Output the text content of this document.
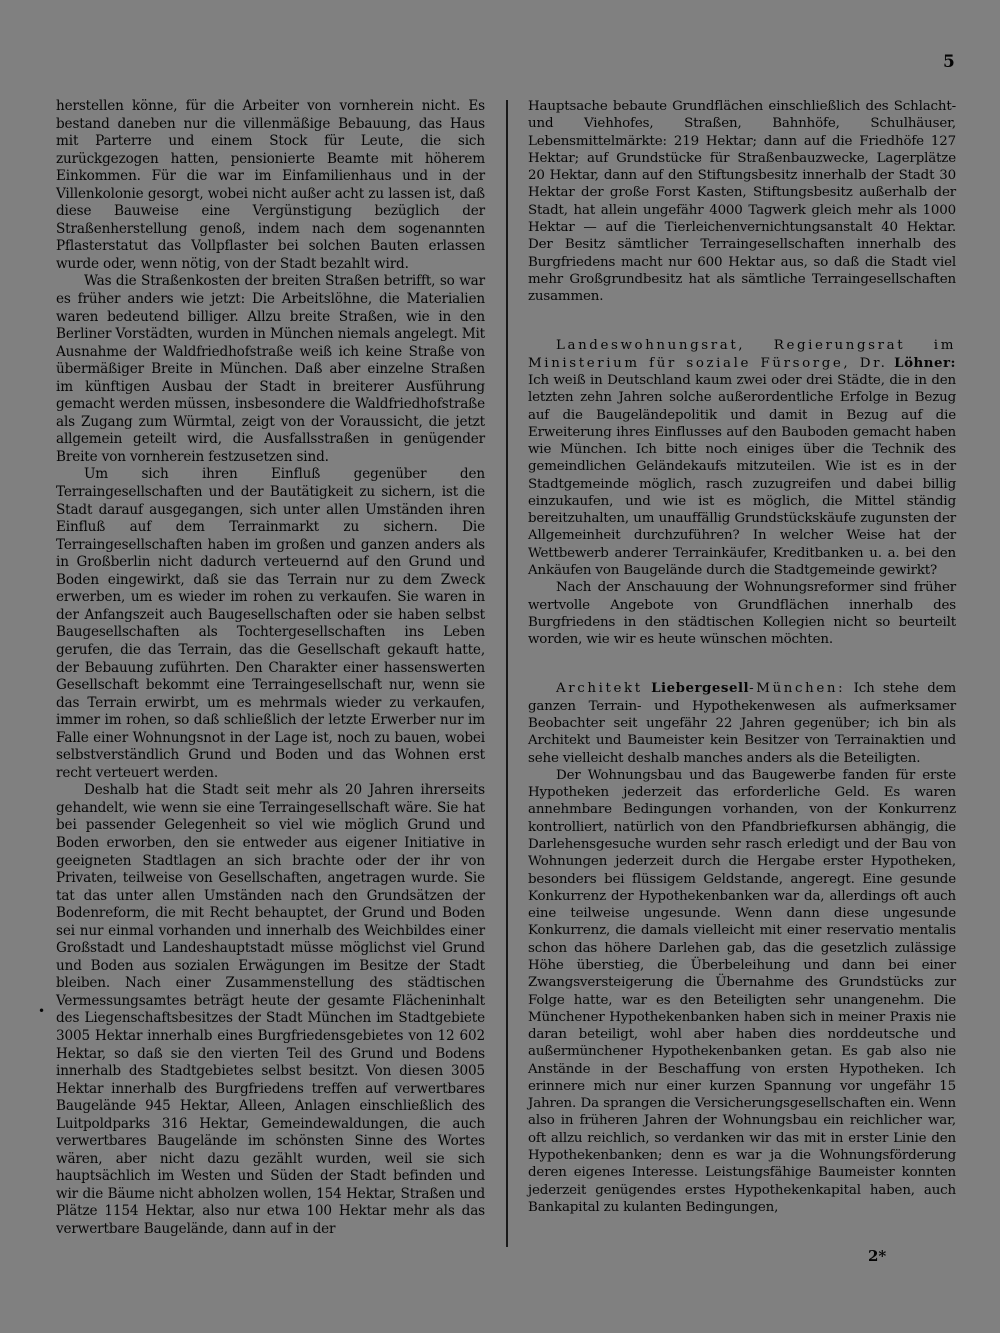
5

herstellen könne, für die Arbeiter von vornherein nicht. Es bestand daneben nur die villenmäßige Bebauung, das Haus mit Parterre und einem Stock für Leute, die sich zurückgezogen hatten, pensionierte Beamte mit höherem Einkommen. Für die war im Einfamilienhaus und in der Villenkolonie gesorgt, wobei nicht außer acht zu lassen ist, daß diese Bauweise eine Vergünstigung bezüglich der Straßenherstellung genoß, indem nach dem sogenannten Pflasterstatut das Vollpflaster bei solchen Bauten erlassen wurde oder, wenn nötig, von der Stadt bezahlt wird.

Was die Straßenkosten der breiten Straßen betrifft, so war es früher anders wie jetzt: Die Arbeitslöhne, die Materialien waren bedeutend billiger. Allzu breite Straßen, wie in den Berliner Vorstädten, wurden in München niemals angelegt. Mit Ausnahme der Waldfriedhofstraße weiß ich keine Straße von übermäßiger Breite in München. Daß aber einzelne Straßen im künftigen Ausbau der Stadt in breiterer Ausführung gemacht werden müssen, insbesondere die Waldfriedhofstraße als Zugang zum Würmtal, zeigt von der Voraussicht, die jetzt allgemein geteilt wird, die Ausfallsstraßen in genügender Breite von vornherein festzusetzen sind.

Um sich ihren Einfluß gegenüber den Terraingesellschaften und der Bautätigkeit zu sichern, ist die Stadt darauf ausgegangen, sich unter allen Umständen ihren Einfluß auf dem Terrainmarkt zu sichern. Die Terraingesellschaften haben im großen und ganzen anders als in Großberlin nicht dadurch verteuernd auf den Grund und Boden eingewirkt, daß sie das Terrain nur zu dem Zweck erwerben, um es wieder im rohen zu verkaufen. Sie waren in der Anfangszeit auch Baugesellschaften oder sie haben selbst Baugesellschaften als Tochtergesellschaften ins Leben gerufen, die das Terrain, das die Gesellschaft gekauft hatte, der Bebauung zuführten. Den Charakter einer hassenswerten Gesellschaft bekommt eine Terraingesellschaft nur, wenn sie das Terrain erwirbt, um es mehrmals wieder zu verkaufen, immer im rohen, so daß schließlich der letzte Erwerber nur im Falle einer Wohnungsnot in der Lage ist, noch zu bauen, wobei selbstverständlich Grund und Boden und das Wohnen erst recht verteuert werden.

Deshalb hat die Stadt seit mehr als 20 Jahren ihrerseits gehandelt, wie wenn sie eine Terraingesellschaft wäre. Sie hat bei passender Gelegenheit so viel wie möglich Grund und Boden erworben, den sie entweder aus eigener Initiative in geeigneten Stadtlagen an sich brachte oder der ihr von Privaten, teilweise von Gesellschaften, angetragen wurde. Sie tat das unter allen Umständen nach den Grundsätzen der Bodenreform, die mit Recht behauptet, der Grund und Boden sei nur einmal vorhanden und innerhalb des Weichbildes einer Großstadt und Landeshauptstadt müsse möglichst viel Grund und Boden aus sozialen Erwägungen im Besitze der Stadt bleiben. Nach einer Zusammenstellung des städtischen Vermessungsamtes beträgt heute der gesamte Flächeninhalt des Liegenschaftsbesitzes der Stadt München im Stadtgebiete 3005 Hektar innerhalb eines Burgfriedensgebietes von 12 602 Hektar, so daß sie den vierten Teil des Grund und Bodens innerhalb des Stadtgebietes selbst besitzt. Von diesen 3005 Hektar innerhalb des Burgfriedens treffen auf verwertbares Baugelände 945 Hektar, Alleen, Anlagen einschließlich des Luitpoldparks 316 Hektar, Gemeindewaldungen, die auch verwertbares Baugelände im schönsten Sinne des Wortes wären, aber nicht dazu gezählt wurden, weil sie sich hauptsächlich im Westen und Süden der Stadt befinden und wir die Bäume nicht abholzen wollen, 154 Hektar, Straßen und Plätze 1154 Hektar, also nur etwa 100 Hektar mehr als das verwertbare Baugelände, dann auf in der

•

Hauptsache bebaute Grundflächen einschließlich des Schlacht- und Viehhofes, Straßen, Bahnhöfe, Schulhäuser, Lebensmittelmärkte: 219 Hektar; dann auf die Friedhöfe 127 Hektar; auf Grundstücke für Straßenbauzwecke, Lagerplätze 20 Hektar, dann auf den Stiftungsbesitz innerhalb der Stadt 30 Hektar der große Forst Kasten, Stiftungsbesitz außerhalb der Stadt, hat allein ungefähr 4000 Tagwerk gleich mehr als 1000 Hektar — auf die Tierleichenvernichtungsanstalt 40 Hektar. Der Besitz sämtlicher Terraingesellschaften innerhalb des Burgfriedens macht nur 600 Hektar aus, so daß die Stadt viel mehr Großgrundbesitz hat als sämtliche Terraingesellschaften zusammen.

Landeswohnungsrat, Regierungsrat im Ministerium für soziale Fürsorge, Dr. Löhner: Ich weiß in Deutschland kaum zwei oder drei Städte, die in den letzten zehn Jahren solche außerordentliche Erfolge in Bezug auf die Baugeländepolitik und damit in Bezug auf die Erweiterung ihres Einflusses auf den Bauboden gemacht haben wie München. Ich bitte noch einiges über die Technik des gemeindlichen Geländekaufs mitzuteilen. Wie ist es in der Stadtgemeinde möglich, rasch zuzugreifen und dabei billig einzukaufen, und wie ist es möglich, die Mittel ständig bereitzuhalten, um unauffällig Grundstückskäufe zugunsten der Allgemeinheit durchzuführen? In welcher Weise hat der Wettbewerb anderer Terrainkäufer, Kreditbanken u. a. bei den Ankäufen von Baugelände durch die Stadtgemeinde gewirkt?

Nach der Anschauung der Wohnungsreformer sind früher wertvolle Angebote von Grundflächen innerhalb des Burgfriedens in den städtischen Kollegien nicht so beurteilt worden, wie wir es heute wünschen möchten.

Architekt Liebergesell-München: Ich stehe dem ganzen Terrain- und Hypothekenwesen als aufmerksamer Beobachter seit ungefähr 22 Jahren gegenüber; ich bin als Architekt und Baumeister kein Besitzer von Terrainaktien und sehe vielleicht deshalb manches anders als die Beteiligten.

Der Wohnungsbau und das Baugewerbe fanden für erste Hypotheken jederzeit das erforderliche Geld. Es waren annehmbare Bedingungen vorhanden, von der Konkurrenz kontrolliert, natürlich von den Pfandbriefkursen abhängig, die Darlehensgesuche wurden sehr rasch erledigt und der Bau von Wohnungen jederzeit durch die Hergabe erster Hypotheken, besonders bei flüssigem Geldstande, angeregt. Eine gesunde Konkurrenz der Hypothekenbanken war da, allerdings oft auch eine teilweise ungesunde. Wenn dann diese ungesunde Konkurrenz, die damals vielleicht mit einer reservatio mentalis schon das höhere Darlehen gab, das die gesetzlich zulässige Höhe überstieg, die Überbeleihung und dann bei einer Zwangsversteigerung die Übernahme des Grundstücks zur Folge hatte, war es den Beteiligten sehr unangenehm. Die Münchener Hypothekenbanken haben sich in meiner Praxis nie daran beteiligt, wohl aber haben dies norddeutsche und außermünchener Hypothekenbanken getan. Es gab also nie Anstände in der Beschaffung von ersten Hypotheken. Ich erinnere mich nur einer kurzen Spannung vor ungefähr 15 Jahren. Da sprangen die Versicherungsgesellschaften ein. Wenn also in früheren Jahren der Wohnungsbau ein reichlicher war, oft allzu reichlich, so verdanken wir das mit in erster Linie den Hypothekenbanken; denn es war ja die Wohnungsförderung deren eigenes Interesse. Leistungsfähige Baumeister konnten jederzeit genügendes erstes Hypothekenkapital haben, auch Bankapital zu kulanten Bedingungen,

2*
